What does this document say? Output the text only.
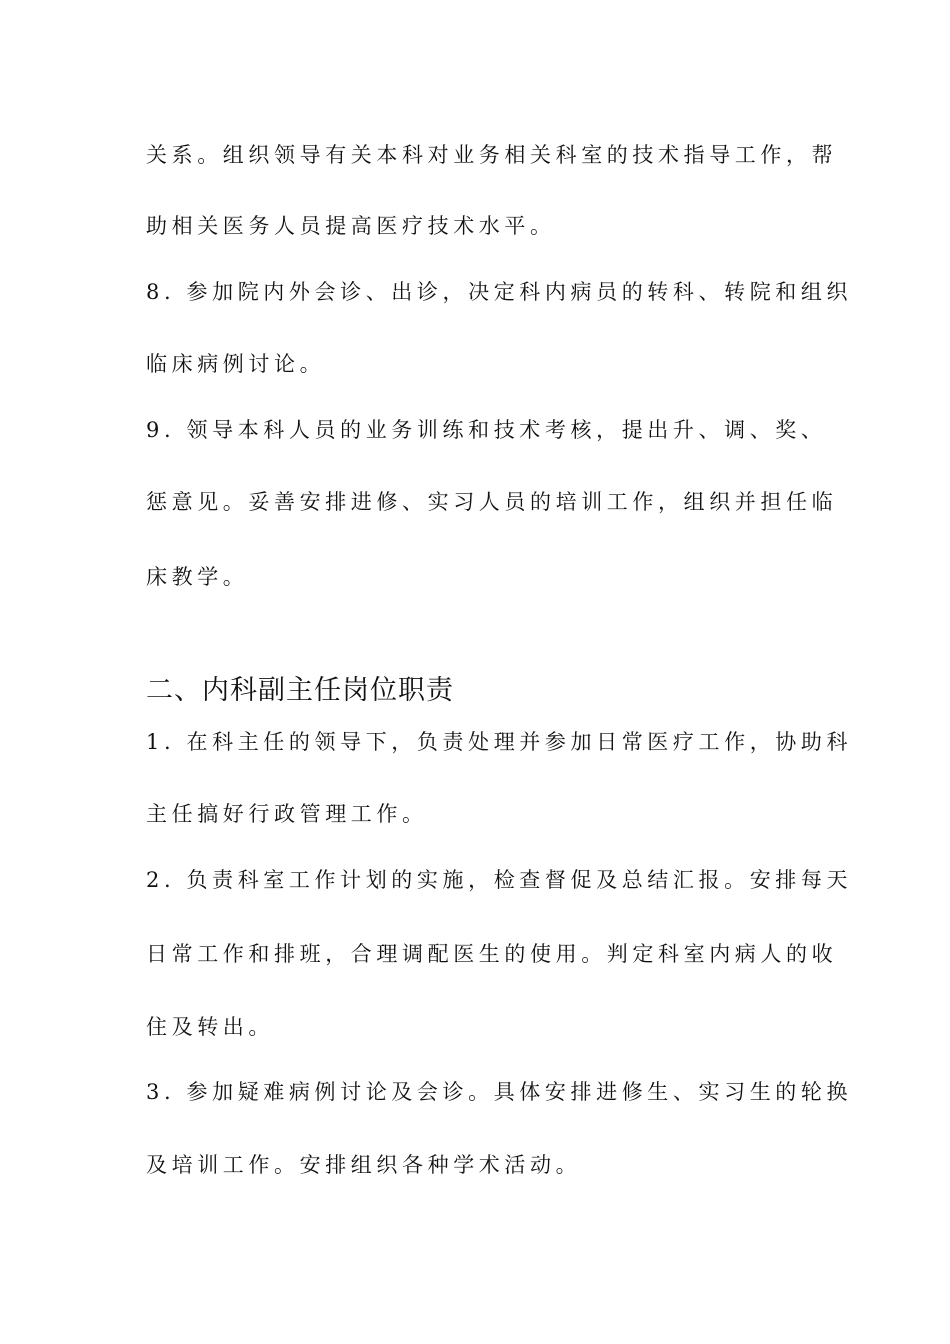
关系。组织领导有关本科对业务相关科室的技术指导工作，帮
助相关医务人员提高医疗技术水平。
8. 参加院内外会诊、出诊，决定科内病员的转科、转院和组织
临床病例讨论。
9. 领导本科人员的业务训练和技术考核，提出升、调、奖、
惩意见。妥善安排进修、实习人员的培训工作，组织并担任临
床教学。
二、内科副主任岗位职责
1. 在科主任的领导下，负责处理并参加日常医疗工作，协助科
主任搞好行政管理工作。
2. 负责科室工作计划的实施，检查督促及总结汇报。安排每天
日常工作和排班，合理调配医生的使用。判定科室内病人的收
住及转出。
3. 参加疑难病例讨论及会诊。具体安排进修生、实习生的轮换
及培训工作。安排组织各种学术活动。
